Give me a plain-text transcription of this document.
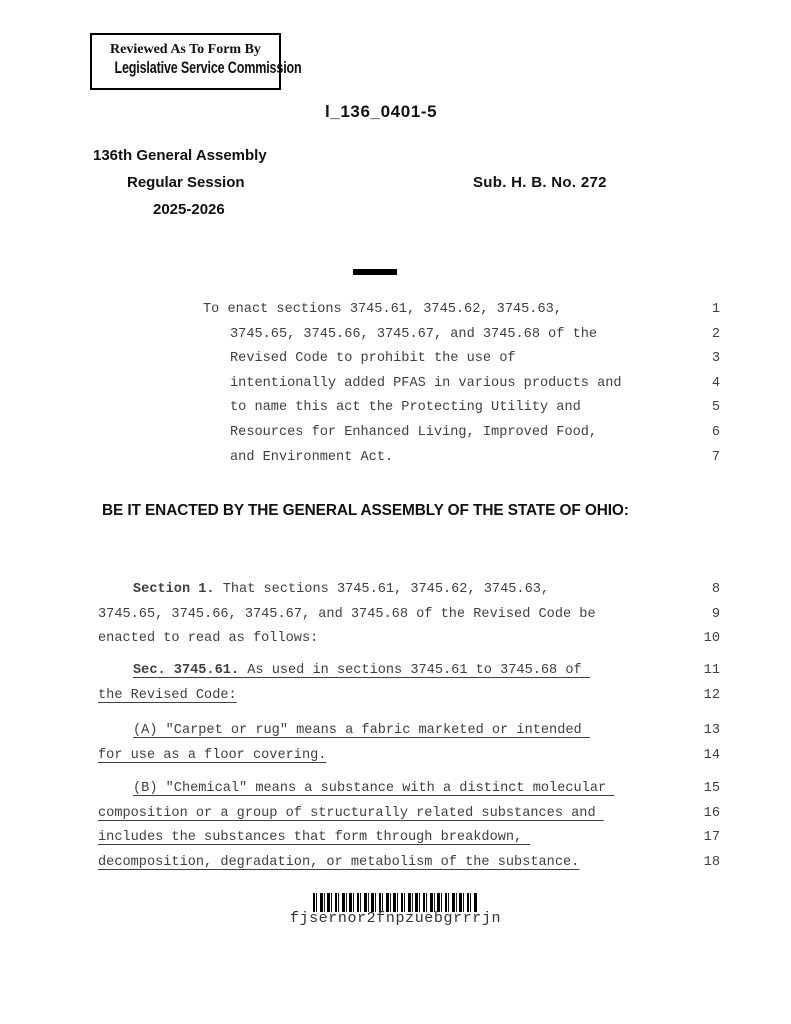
Reviewed As To Form By
Legislative Service Commission
l_136_0401-5
136th General Assembly
Regular Session	Sub. H. B. No. 272
2025-2026
To enact sections 3745.61, 3745.62, 3745.63,	1
3745.65, 3745.66, 3745.67, and 3745.68 of the	2
Revised Code to prohibit the use of	3
intentionally added PFAS in various products and	4
to name this act the Protecting Utility and	5
Resources for Enhanced Living, Improved Food,	6
and Environment Act.	7
BE IT ENACTED BY THE GENERAL ASSEMBLY OF THE STATE OF OHIO:
Section 1. That sections 3745.61, 3745.62, 3745.63,	8
3745.65, 3745.66, 3745.67, and 3745.68 of the Revised Code be	9
enacted to read as follows:	10
Sec. 3745.61. As used in sections 3745.61 to 3745.68 of	11
the Revised Code:	12
(A) "Carpet or rug" means a fabric marketed or intended	13
for use as a floor covering.	14
(B) "Chemical" means a substance with a distinct molecular	15
composition or a group of structurally related substances and	16
includes the substances that form through breakdown,	17
decomposition, degradation, or metabolism of the substance.	18
fjsernor2fnpzuebgrrrjn
